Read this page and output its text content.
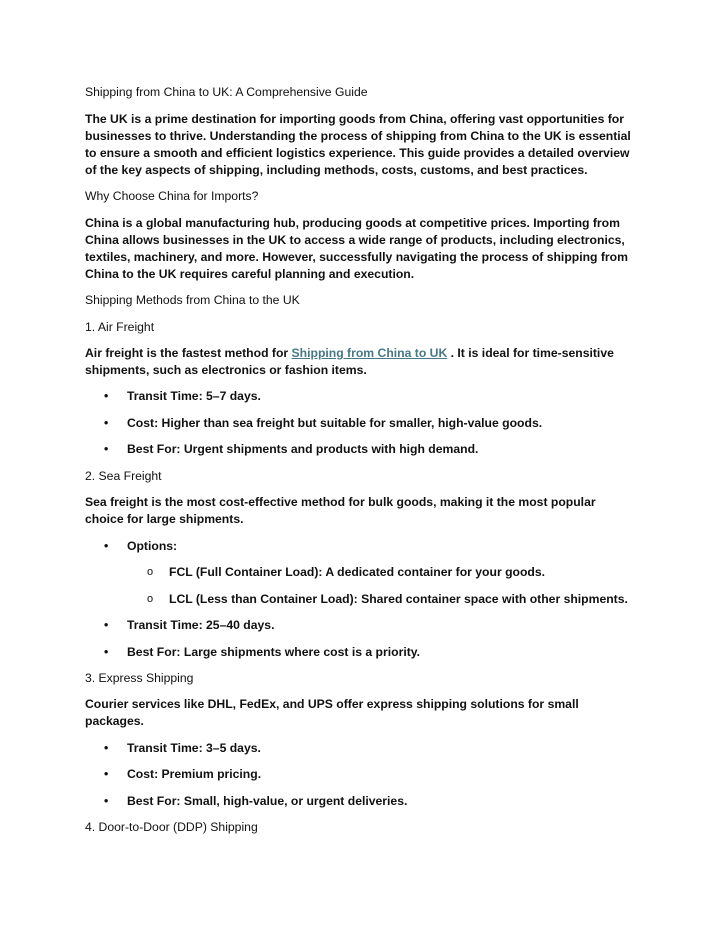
Shipping from China to UK: A Comprehensive Guide

The UK is a prime destination for importing goods from China, offering vast opportunities for businesses to thrive. Understanding the process of shipping from China to the UK is essential to ensure a smooth and efficient logistics experience. This guide provides a detailed overview of the key aspects of shipping, including methods, costs, customs, and best practices.

Why Choose China for Imports?

China is a global manufacturing hub, producing goods at competitive prices. Importing from China allows businesses in the UK to access a wide range of products, including electronics, textiles, machinery, and more. However, successfully navigating the process of shipping from China to the UK requires careful planning and execution.

Shipping Methods from China to the UK

1. Air Freight

Air freight is the fastest method for Shipping from China to UK . It is ideal for time-sensitive shipments, such as electronics or fashion items.

• Transit Time: 5–7 days.
• Cost: Higher than sea freight but suitable for smaller, high-value goods.
• Best For: Urgent shipments and products with high demand.

2. Sea Freight

Sea freight is the most cost-effective method for bulk goods, making it the most popular choice for large shipments.

• Options:
o FCL (Full Container Load): A dedicated container for your goods.
o LCL (Less than Container Load): Shared container space with other shipments.
• Transit Time: 25–40 days.
• Best For: Large shipments where cost is a priority.

3. Express Shipping

Courier services like DHL, FedEx, and UPS offer express shipping solutions for small packages.

• Transit Time: 3–5 days.
• Cost: Premium pricing.
• Best For: Small, high-value, or urgent deliveries.

4. Door-to-Door (DDP) Shipping
